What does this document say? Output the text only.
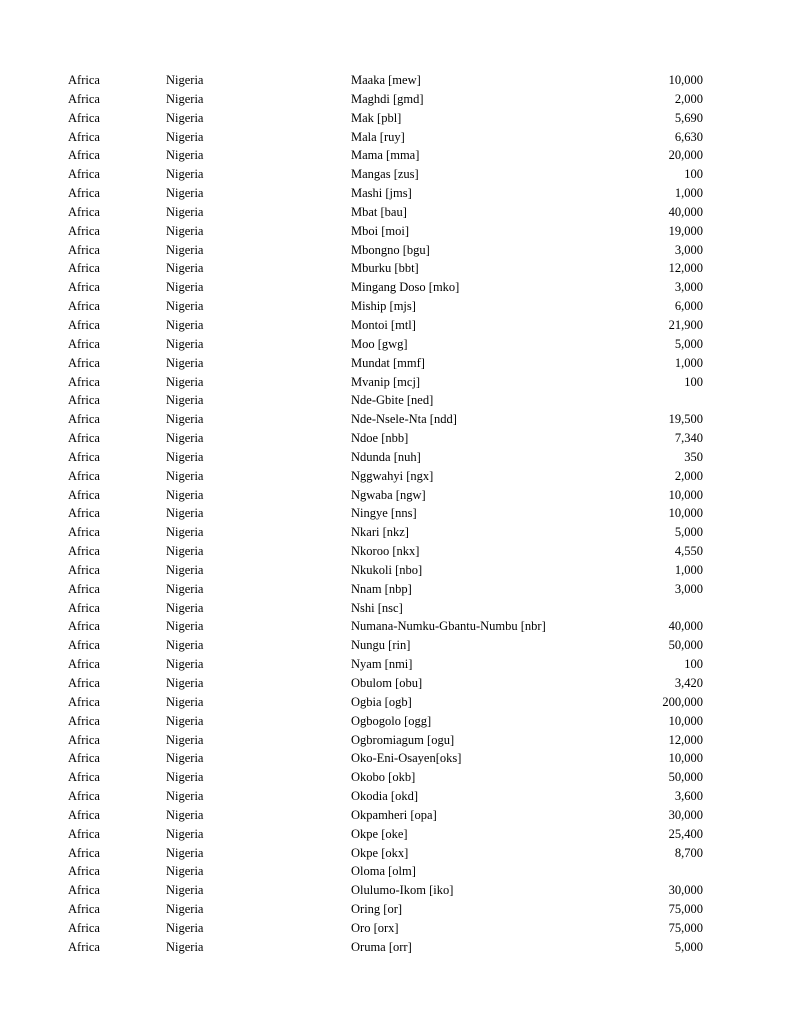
Africa	Nigeria	Maaka [mew]	10,000
Africa	Nigeria	Maghdi [gmd]	2,000
Africa	Nigeria	Mak [pbl]	5,690
Africa	Nigeria	Mala [ruy]	6,630
Africa	Nigeria	Mama [mma]	20,000
Africa	Nigeria	Mangas [zus]	100
Africa	Nigeria	Mashi [jms]	1,000
Africa	Nigeria	Mbat [bau]	40,000
Africa	Nigeria	Mboi [moi]	19,000
Africa	Nigeria	Mbongno [bgu]	3,000
Africa	Nigeria	Mburku [bbt]	12,000
Africa	Nigeria	Mingang Doso [mko]	3,000
Africa	Nigeria	Miship [mjs]	6,000
Africa	Nigeria	Montoi [mtl]	21,900
Africa	Nigeria	Moo [gwg]	5,000
Africa	Nigeria	Mundat [mmf]	1,000
Africa	Nigeria	Mvanip [mcj]	100
Africa	Nigeria	Nde-Gbite [ned]
Africa	Nigeria	Nde-Nsele-Nta [ndd]	19,500
Africa	Nigeria	Ndoe [nbb]	7,340
Africa	Nigeria	Ndunda [nuh]	350
Africa	Nigeria	Nggwahyi [ngx]	2,000
Africa	Nigeria	Ngwaba [ngw]	10,000
Africa	Nigeria	Ningye [nns]	10,000
Africa	Nigeria	Nkari [nkz]	5,000
Africa	Nigeria	Nkoroo [nkx]	4,550
Africa	Nigeria	Nkukoli [nbo]	1,000
Africa	Nigeria	Nnam [nbp]	3,000
Africa	Nigeria	Nshi [nsc]
Africa	Nigeria	Numana-Numku-Gbantu-Numbu [nbr]	40,000
Africa	Nigeria	Nungu [rin]	50,000
Africa	Nigeria	Nyam [nmi]	100
Africa	Nigeria	Obulom [obu]	3,420
Africa	Nigeria	Ogbia [ogb]	200,000
Africa	Nigeria	Ogbogolo [ogg]	10,000
Africa	Nigeria	Ogbromiagum [ogu]	12,000
Africa	Nigeria	Oko-Eni-Osayen[oks]	10,000
Africa	Nigeria	Okobo [okb]	50,000
Africa	Nigeria	Okodia [okd]	3,600
Africa	Nigeria	Okpamheri [opa]	30,000
Africa	Nigeria	Okpe [oke]	25,400
Africa	Nigeria	Okpe [okx]	8,700
Africa	Nigeria	Oloma [olm]
Africa	Nigeria	Olulumo-Ikom [iko]	30,000
Africa	Nigeria	Oring [or]	75,000
Africa	Nigeria	Oro [orx]	75,000
Africa	Nigeria	Oruma [orr]	5,000
